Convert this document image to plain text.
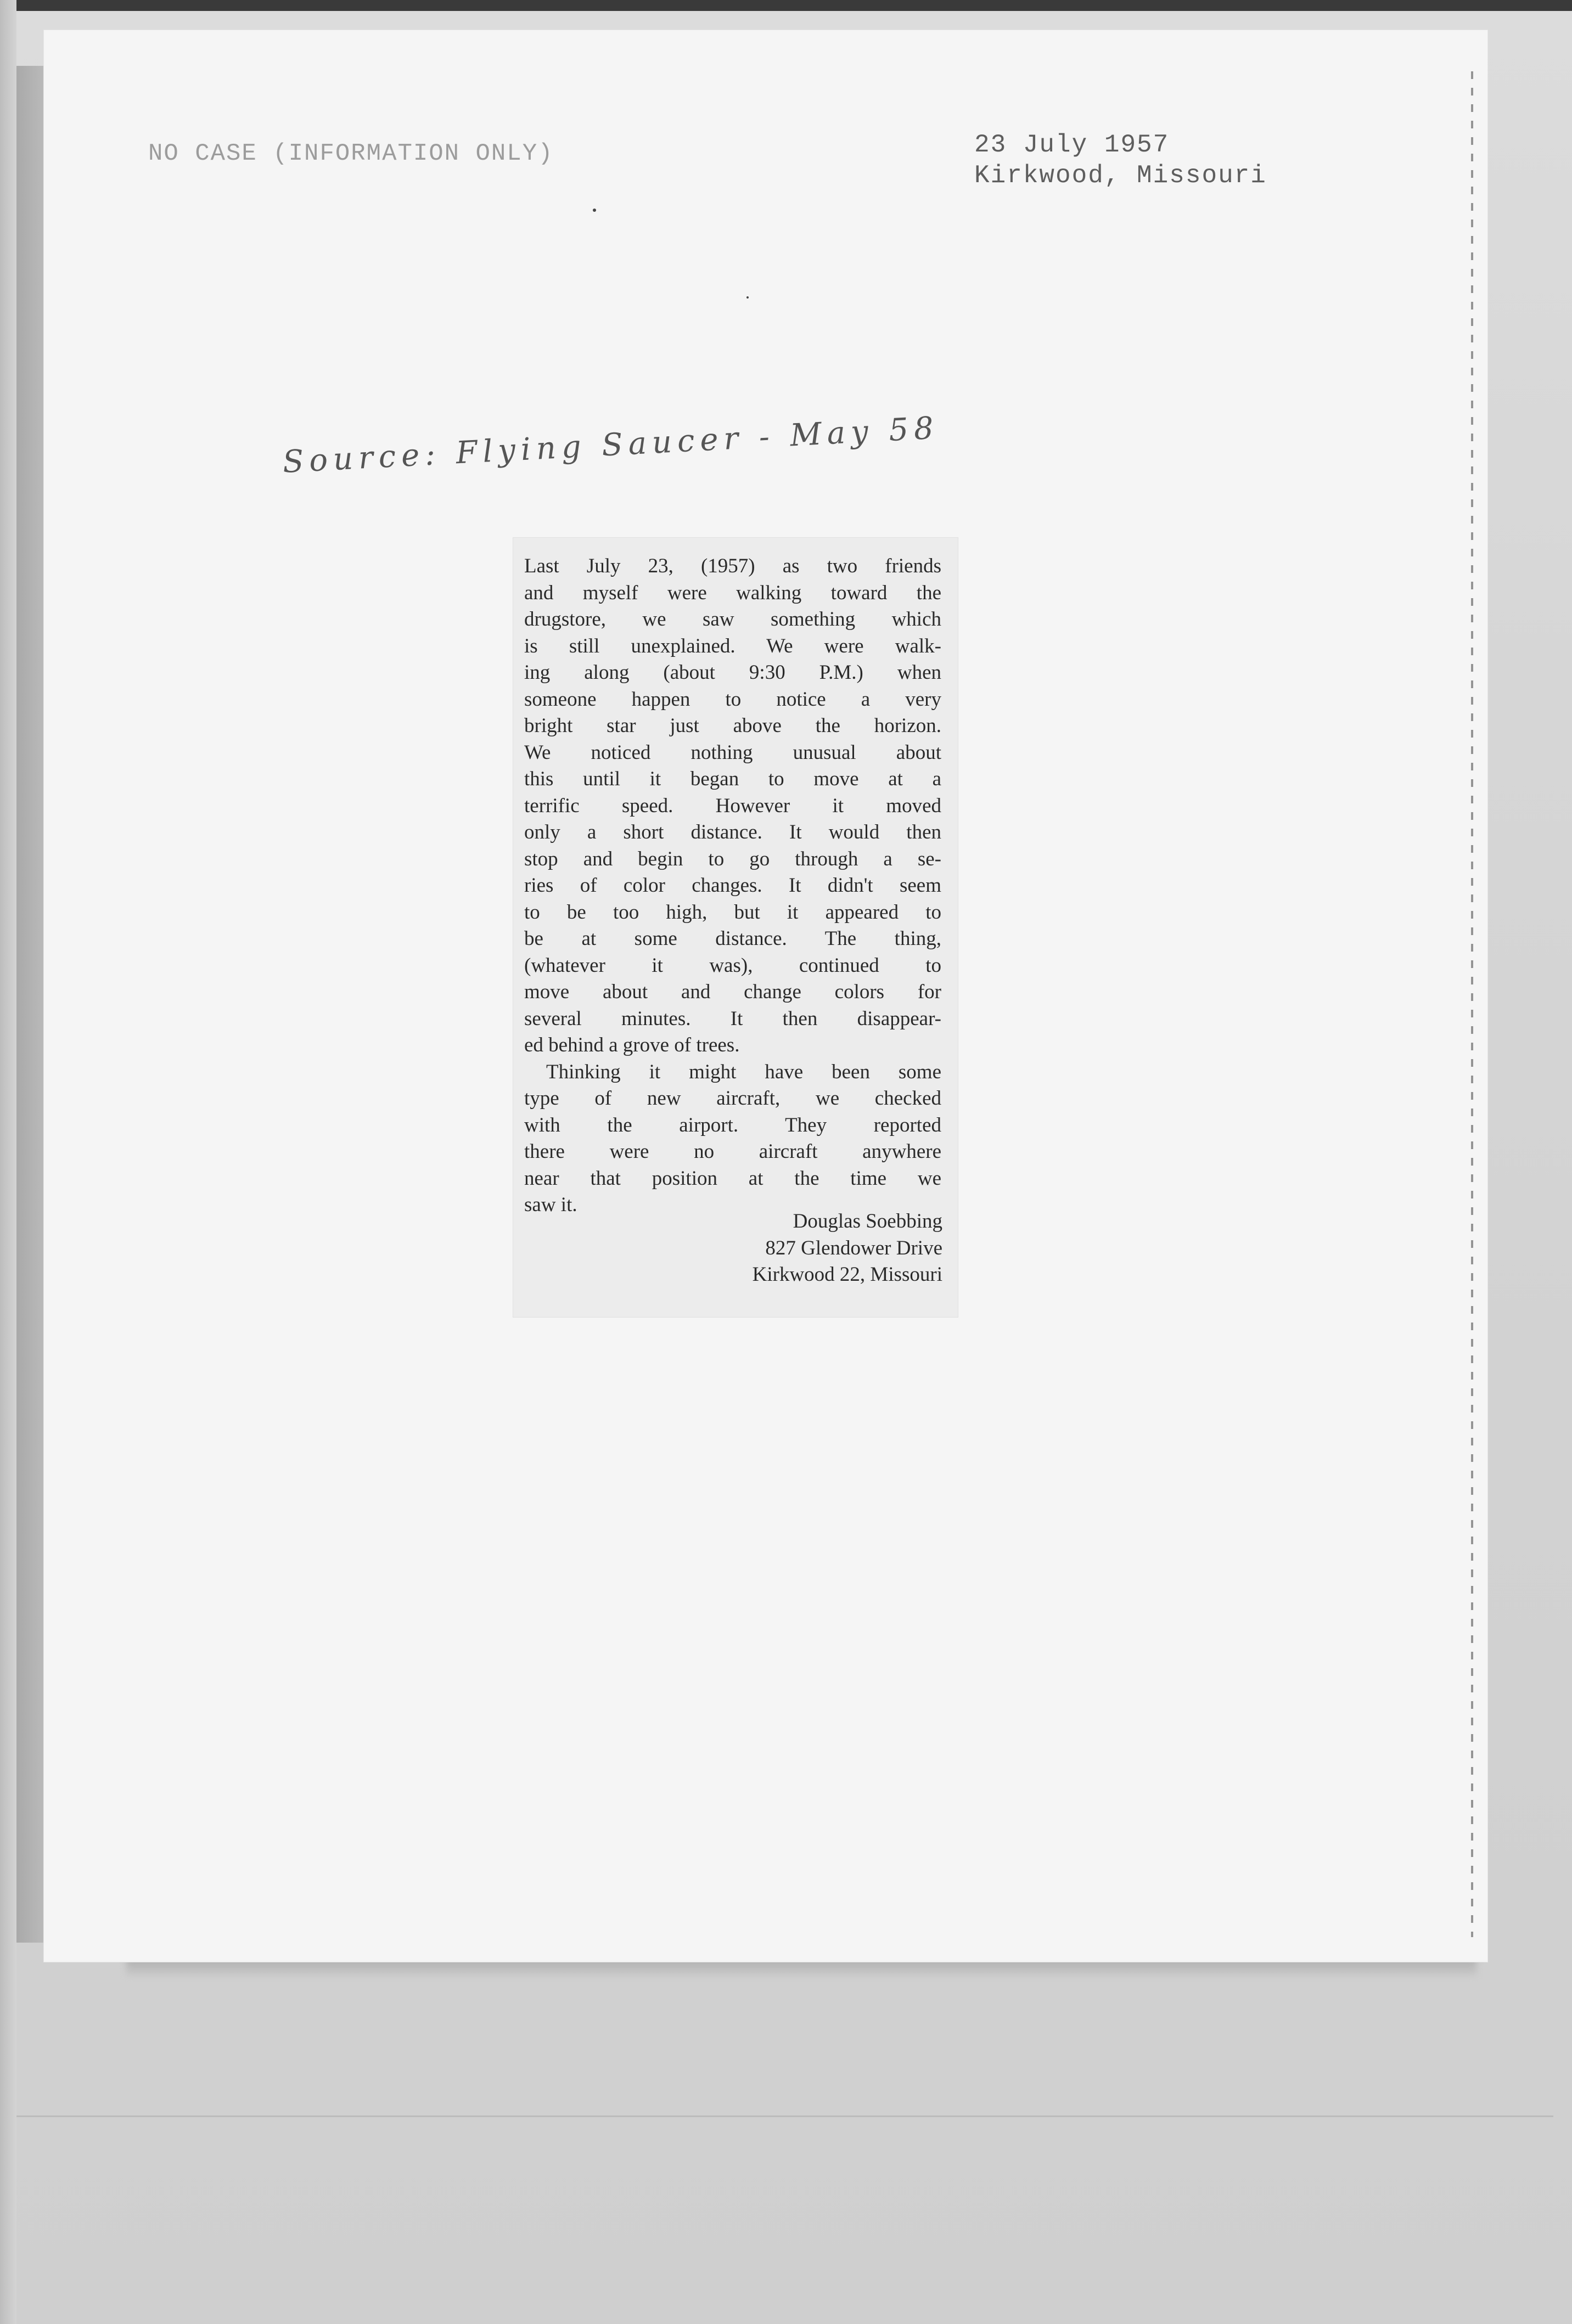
NO CASE (INFORMATION ONLY)	23 July 1957
Kirkwood, Missouri
Source: Flying Saucer - May 58
Last July 23, (1957) as two friends
and myself were walking toward the
drugstore, we saw something which
is still unexplained. We were walk-
ing along (about 9:30 P.M.) when
someone happen to notice a very
bright star just above the horizon.
We noticed nothing unusual about
this until it began to move at a
terrific speed. However it moved
only a short distance. It would then
stop and begin to go through a se-
ries of color changes. It didn't seem
to be too high, but it appeared to
be at some distance. The thing,
(whatever it was), continued to
move about and change colors for
several minutes. It then disappear-
ed behind a grove of trees.
Thinking it might have been some
type of new aircraft, we checked
with the airport. They reported
there were no aircraft anywhere
near that position at the time we
saw it.
Douglas Soebbing
827 Glendower Drive
Kirkwood 22, Missouri
